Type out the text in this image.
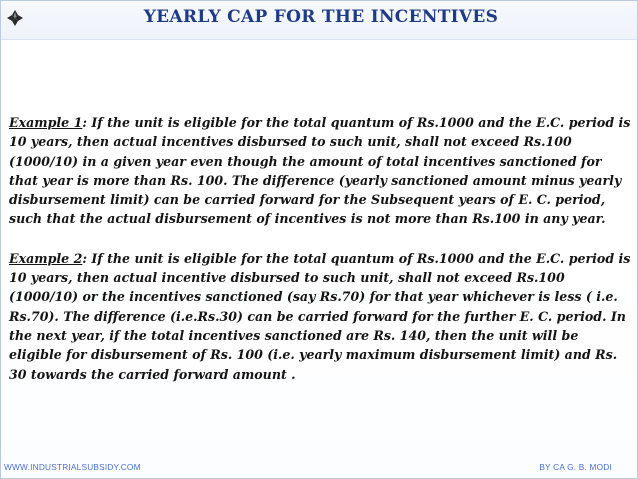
YEARLY CAP FOR THE INCENTIVES

Example 1: If the unit is eligible for the total quantum of Rs.1000 and the E.C. period is 10 years, then actual incentives disbursed to such unit, shall not exceed Rs.100 (1000/10) in a given year even though the amount of total incentives sanctioned for that year is more than Rs. 100. The difference (yearly sanctioned amount minus yearly disbursement limit) can be carried forward for the Subsequent years of E. C. period, such that the actual disbursement of incentives is not more than Rs.100 in any year.

Example 2: If the unit is eligible for the total quantum of Rs.1000 and the E.C. period is 10 years, then actual incentive disbursed to such unit, shall not exceed Rs.100 (1000/10) or the incentives sanctioned (say Rs.70) for that year whichever is less ( i.e. Rs.70). The difference (i.e.Rs.30) can be carried forward for the further E. C. period. In the next year, if the total incentives sanctioned are Rs. 140, then the unit will be eligible for disbursement of Rs. 100 (i.e. yearly maximum disbursement limit) and Rs. 30 towards the carried forward amount .

WWW.INDUSTRIALSUBSIDY.COM	BY CA G. B. MODI
